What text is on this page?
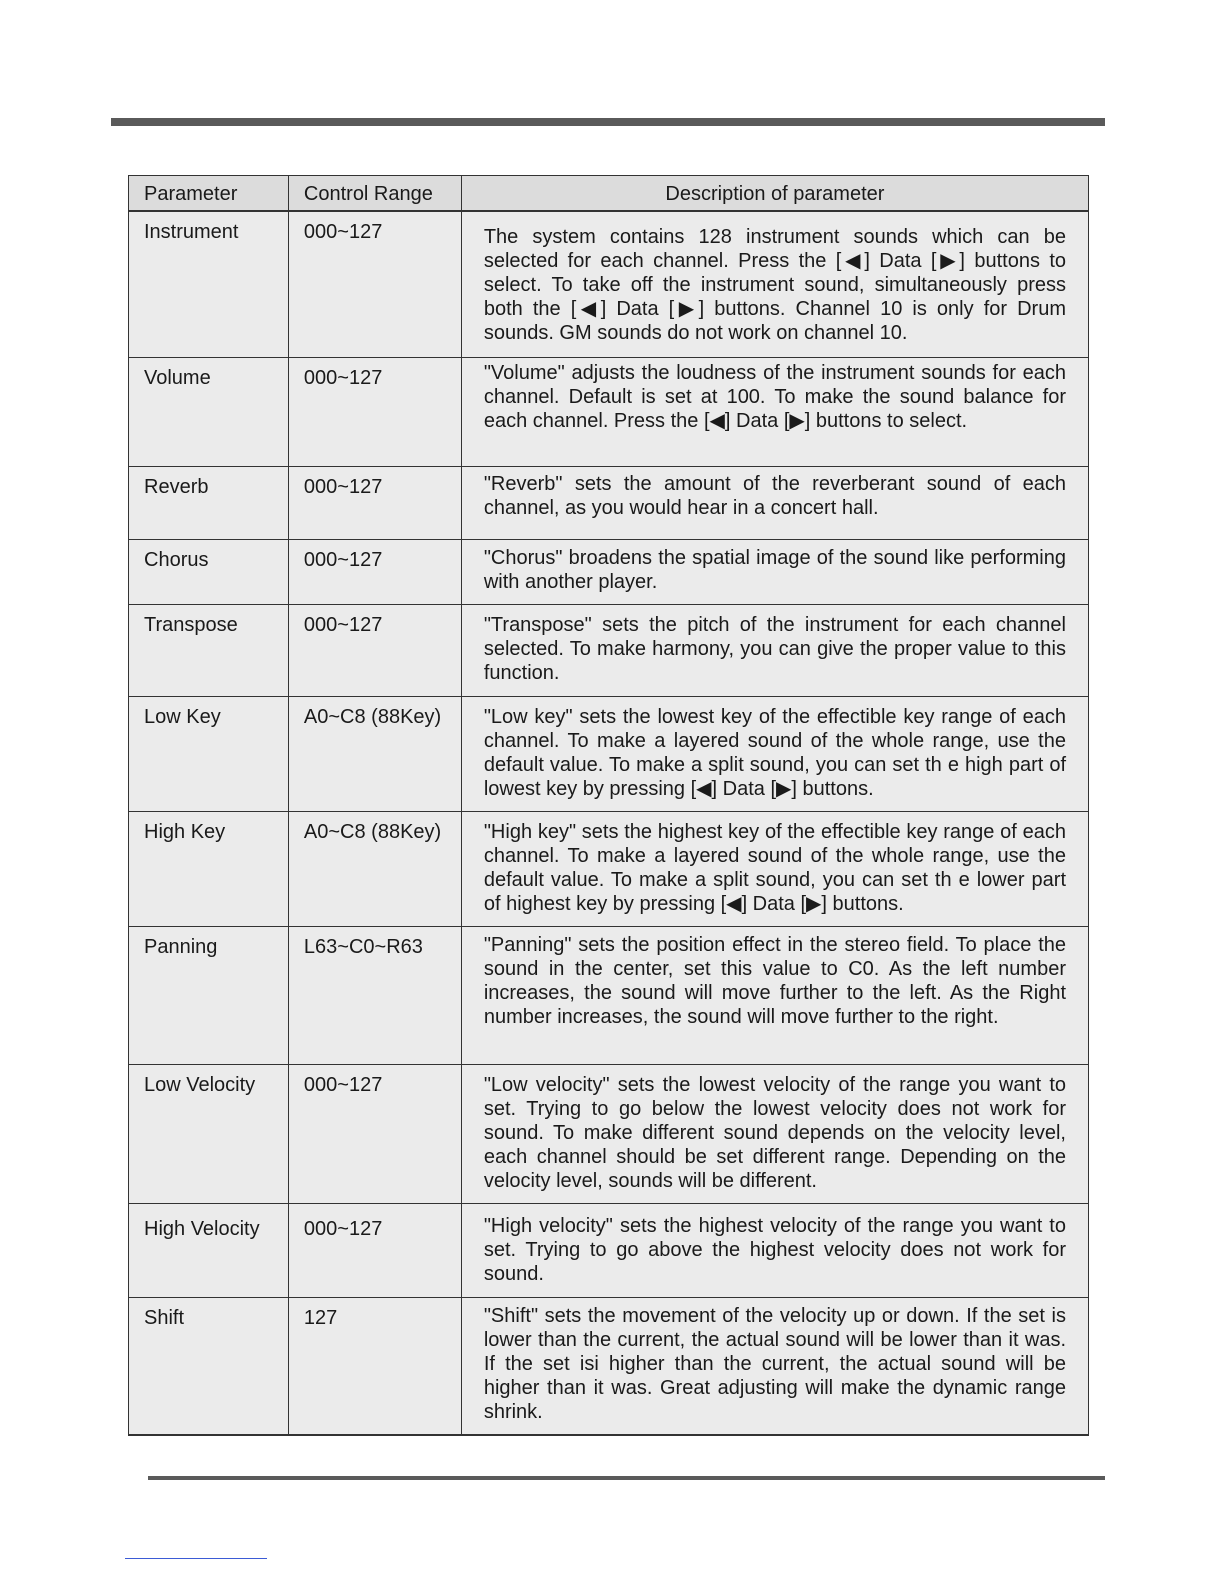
Parameter	Control Range	Description of parameter
Instrument	000~127	The system contains 128 instrument sounds which can be selected for each channel. Press the [◀] Data [▶] buttons to select. To take off the instrument sound, simultaneously press both the [◀] Data [▶] buttons. Channel 10 is only for Drum sounds. GM sounds do not work on channel 10.
Volume	000~127	"Volume" adjusts the loudness of the instrument sounds for each channel. Default is set at 100. To make the sound balance for each channel. Press the [◀] Data [▶] buttons to select.
Reverb	000~127	"Reverb" sets the amount of the reverberant sound of each channel, as you would hear in a concert hall.
Chorus	000~127	"Chorus" broadens the spatial image of the sound like performing with another player.
Transpose	000~127	"Transpose" sets the pitch of the instrument for each channel selected. To make harmony, you can give the proper value to this function.
Low Key	A0~C8 (88Key)	"Low key" sets the lowest key of the effectible key range of each channel. To make a layered sound of the whole range, use the default value. To make a split sound, you can set th e high part of lowest key by pressing [◀] Data [▶] buttons.
High Key	A0~C8 (88Key)	"High key" sets the highest key of the effectible key range of each channel. To make a layered sound of the whole range, use the default value. To make a split sound, you can set th e lower part of highest key by pressing [◀] Data [▶] buttons.
Panning	L63~C0~R63	"Panning" sets the position effect in the stereo field. To place the sound in the center, set this value to C0. As the left number increases, the sound will move further to the left. As the Right number increases, the sound will move further to the right.
Low Velocity	000~127	"Low velocity" sets the lowest velocity of the range you want to set. Trying to go below the lowest velocity does not work for sound. To make different sound depends on the velocity level, each channel should be set different range. Depending on the velocity level, sounds will be different.
High Velocity	000~127	"High velocity" sets the highest velocity of the range you want to set. Trying to go above the highest velocity does not work for sound.
Shift	127	"Shift" sets the movement of the velocity up or down. If the set is lower than the current, the actual sound will be lower than it was. If the set isi higher than the current, the actual sound will be higher than it was. Great adjusting will make the dynamic range shrink.
